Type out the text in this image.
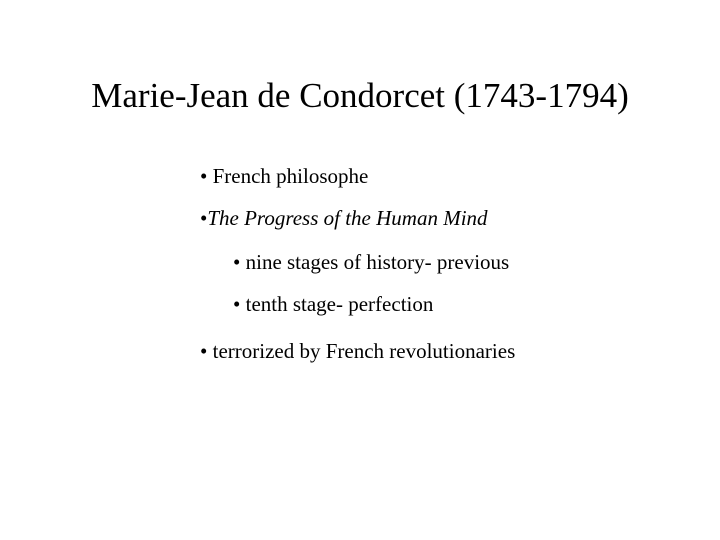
Marie-Jean de Condorcet (1743-1794)
• French philosophe
•The Progress of the Human Mind
• nine stages of history- previous
• tenth stage- perfection
• terrorized by French revolutionaries
